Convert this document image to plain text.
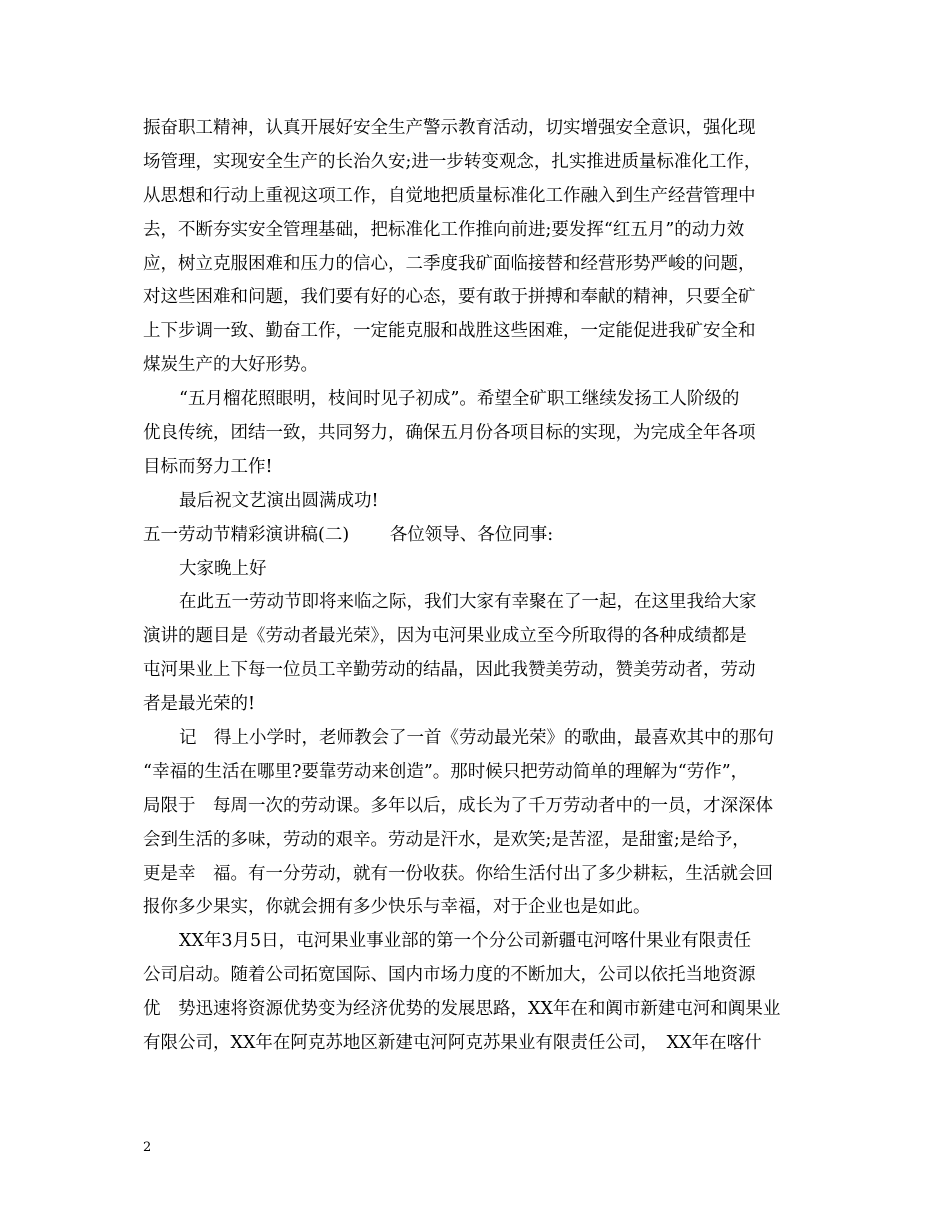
振奋职工精神，认真开展好安全生产警示教育活动，切实增强安全意识，强化现
场管理，实现安全生产的长治久安;进一步转变观念，扎实推进质量标准化工作，
从思想和行动上重视这项工作，自觉地把质量标准化工作融入到生产经营管理中
去，不断夯实安全管理基础，把标准化工作推向前进;要发挥“红五月”的动力效
应，树立克服困难和压力的信心，二季度我矿面临接替和经营形势严峻的问题，
对这些困难和问题，我们要有好的心态，要有敢于拼搏和奉献的精神，只要全矿
上下步调一致、勤奋工作，一定能克服和战胜这些困难，一定能促进我矿安全和
煤炭生产的大好形势。
“五月榴花照眼明，枝间时见子初成”。希望全矿职工继续发扬工人阶级的
优良传统，团结一致，共同努力，确保五月份各项目标的实现，为完成全年各项
目标而努力工作!
最后祝文艺演出圆满成功!
五一劳动节精彩演讲稿(二)　　 各位领导、各位同事:
大家晚上好
在此五一劳动节即将来临之际，我们大家有幸聚在了一起，在这里我给大家
演讲的题目是《劳动者最光荣》，因为屯河果业成立至今所取得的各种成绩都是
屯河果业上下每一位员工辛勤劳动的结晶，因此我赞美劳动，赞美劳动者，劳动
者是最光荣的!
记　得上小学时，老师教会了一首《劳动最光荣》的歌曲，最喜欢其中的那句
“幸福的生活在哪里?要靠劳动来创造”。那时候只把劳动简单的理解为“劳作”，
局限于　每周一次的劳动课。多年以后，成长为了千万劳动者中的一员，才深深体
会到生活的多味，劳动的艰辛。劳动是汗水，是欢笑;是苦涩，是甜蜜;是给予，
更是幸　福。有一分劳动，就有一份收获。你给生活付出了多少耕耘，生活就会回
报你多少果实，你就会拥有多少快乐与幸福，对于企业也是如此。
XX年3月5日，屯河果业事业部的第一个分公司新疆屯河喀什果业有限责任
公司启动。随着公司拓宽国际、国内市场力度的不断加大，公司以依托当地资源
优　势迅速将资源优势变为经济优势的发展思路，XX年在和阗市新建屯河和阗果业
有限公司，XX年在阿克苏地区新建屯河阿克苏果业有限责任公司，　XX年在喀什
2
